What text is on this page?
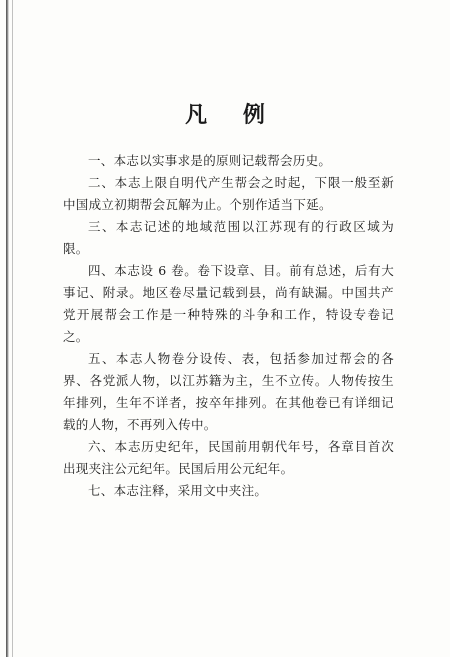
凡 例

一、本志以实事求是的原则记载帮会历史。

二、本志上限自明代产生帮会之时起，下限一般至新中国成立初期帮会瓦解为止。个别作适当下延。

三、本志记述的地域范围以江苏现有的行政区域为限。

四、本志设 6 卷。卷下设章、目。前有总述，后有大事记、附录。地区卷尽量记载到县，尚有缺漏。中国共产党开展帮会工作是一种特殊的斗争和工作，特设专卷记之。

五、本志人物卷分设传、表，包括参加过帮会的各界、各党派人物，以江苏籍为主，生不立传。人物传按生年排列，生年不详者，按卒年排列。在其他卷已有详细记载的人物，不再列入传中。

六、本志历史纪年，民国前用朝代年号，各章目首次出现夹注公元纪年。民国后用公元纪年。

七、本志注释，采用文中夹注。
